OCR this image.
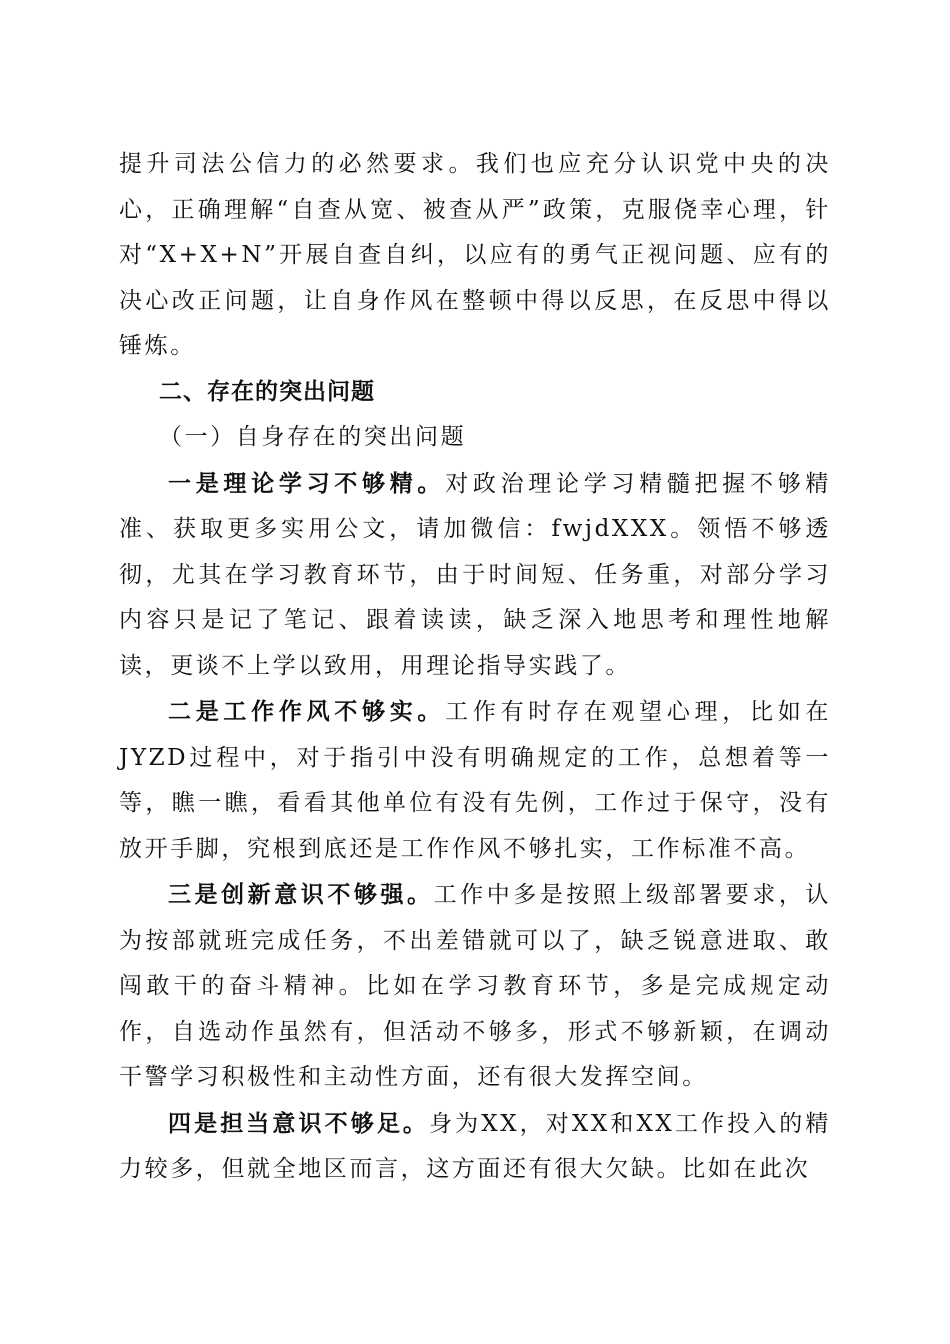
提升司法公信力的必然要求。我们也应充分认识党中央的决心，正确理解“自查从宽、被查从严”政策，克服侥幸心理，针对“X+X+N”开展自查自纠，以应有的勇气正视问题、应有的决心改正问题，让自身作风在整顿中得以反思，在反思中得以锤炼。

二、存在的突出问题

（一）自身存在的突出问题

一是理论学习不够精。对政治理论学习精髓把握不够精准、获取更多实用公文，请加微信：fwjdXXX。领悟不够透彻，尤其在学习教育环节，由于时间短、任务重，对部分学习内容只是记了笔记、跟着读读，缺乏深入地思考和理性地解读，更谈不上学以致用，用理论指导实践了。

二是工作作风不够实。工作有时存在观望心理，比如在JYZD过程中，对于指引中没有明确规定的工作，总想着等一等，瞧一瞧，看看其他单位有没有先例，工作过于保守，没有放开手脚，究根到底还是工作作风不够扎实，工作标准不高。

三是创新意识不够强。工作中多是按照上级部署要求，认为按部就班完成任务，不出差错就可以了，缺乏锐意进取、敢闯敢干的奋斗精神。比如在学习教育环节，多是完成规定动作，自选动作虽然有，但活动不够多，形式不够新颖，在调动干警学习积极性和主动性方面，还有很大发挥空间。

四是担当意识不够足。身为XX，对XX和XX工作投入的精力较多，但就全地区而言，这方面还有很大欠缺。比如在此次
